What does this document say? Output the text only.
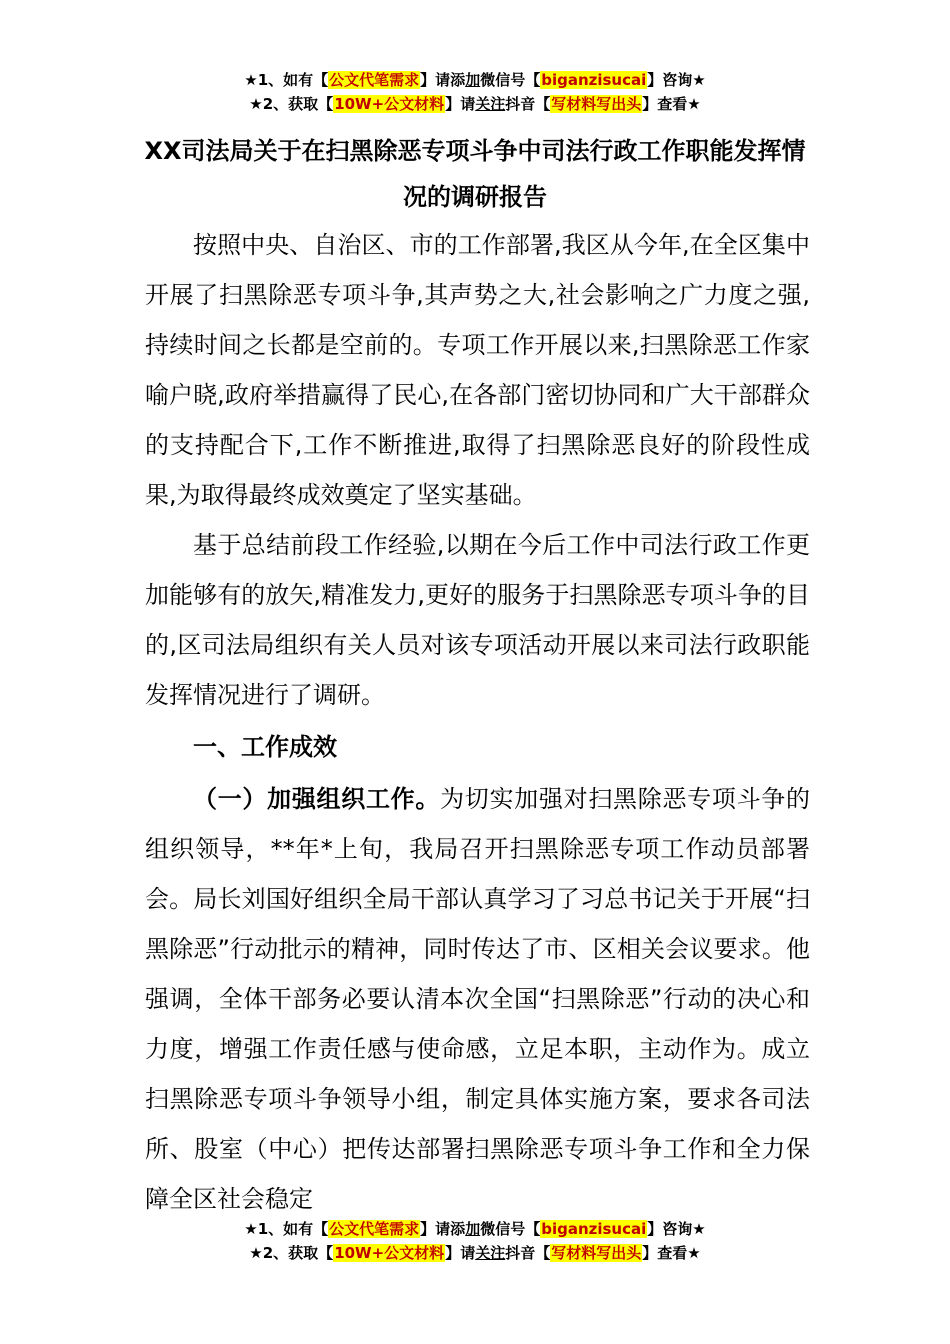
★1、如有【公文代笔需求】请添加微信号【biganzisucai】咨询★
★2、获取【10W+公文材料】请关注抖音【写材料写出头】查看★
XX司法局关于在扫黑除恶专项斗争中司法行政工作职能发挥情况的调研报告

按照中央、自治区、市的工作部署,我区从今年,在全区集中开展了扫黑除恶专项斗争,其声势之大,社会影响之广力度之强,持续时间之长都是空前的。专项工作开展以来,扫黑除恶工作家喻户晓,政府举措赢得了民心,在各部门密切协同和广大干部群众的支持配合下,工作不断推进,取得了扫黑除恶良好的阶段性成果,为取得最终成效奠定了坚实基础。

基于总结前段工作经验,以期在今后工作中司法行政工作更加能够有的放矢,精准发力,更好的服务于扫黑除恶专项斗争的目的,区司法局组织有关人员对该专项活动开展以来司法行政职能发挥情况进行了调研。

一、工作成效

（一）加强组织工作。为切实加强对扫黑除恶专项斗争的组织领导，**年*上旬，我局召开扫黑除恶专项工作动员部署会。局长刘国好组织全局干部认真学习了习总书记关于开展“扫黑除恶”行动批示的精神，同时传达了市、区相关会议要求。他强调，全体干部务必要认清本次全国“扫黑除恶”行动的决心和力度，增强工作责任感与使命感，立足本职，主动作为。成立扫黑除恶专项斗争领导小组，制定具体实施方案，要求各司法所、股室（中心）把传达部署扫黑除恶专项斗争工作和全力保障全区社会稳定

★1、如有【公文代笔需求】请添加微信号【biganzisucai】咨询★
★2、获取【10W+公文材料】请关注抖音【写材料写出头】查看★
